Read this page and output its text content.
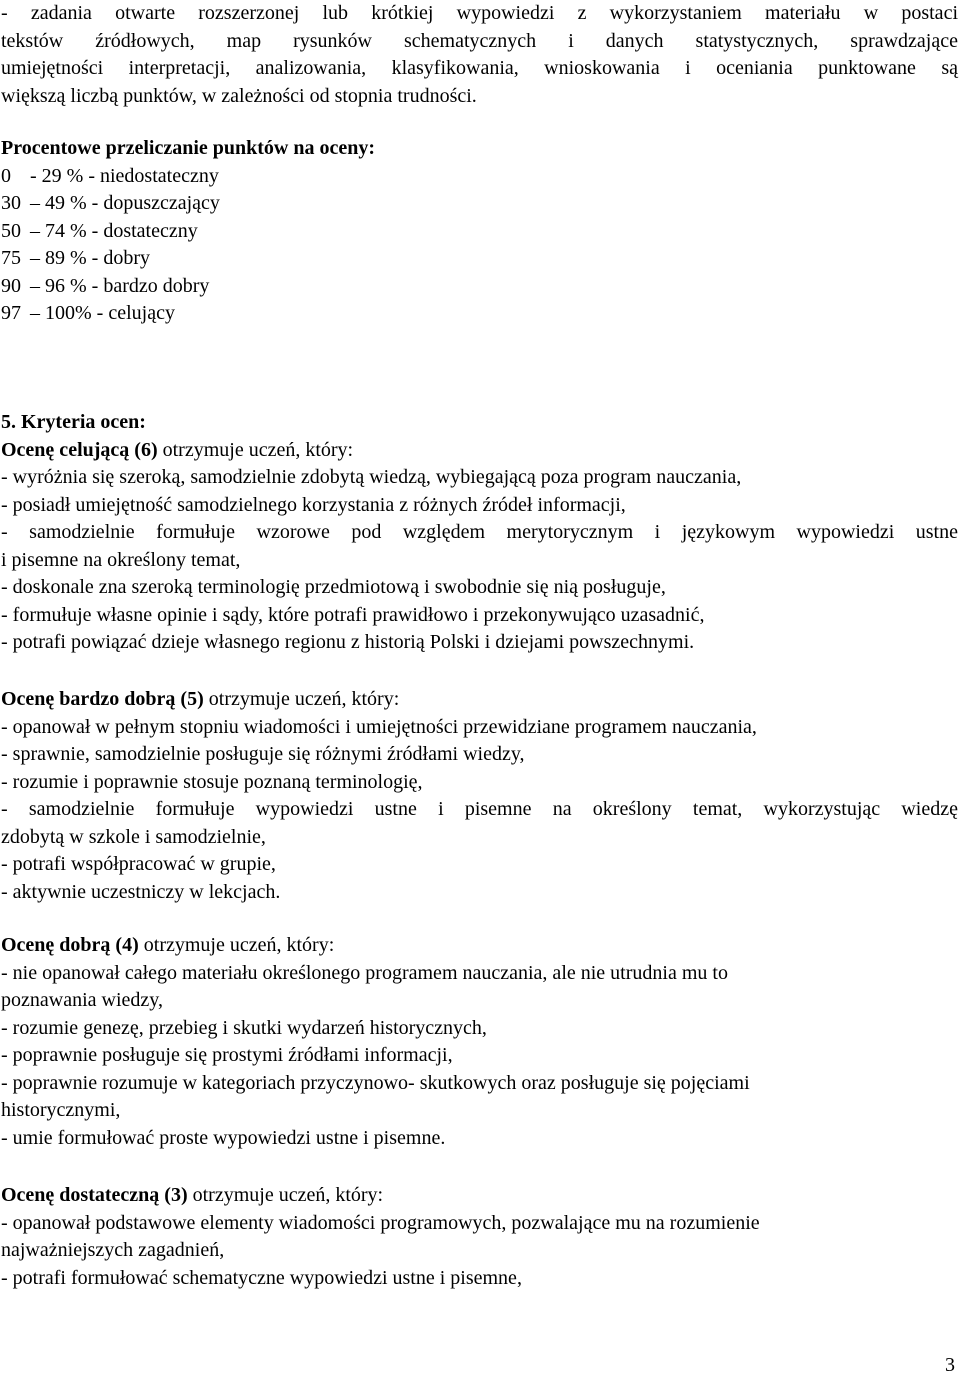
- zadania otwarte rozszerzonej lub krótkiej wypowiedzi z wykorzystaniem materiału w postaci
tekstów źródłowych, map rysunków schematycznych i danych statystycznych, sprawdzające
umiejętności interpretacji, analizowania, klasyfikowania, wnioskowania i oceniania punktowane są
większą liczbą punktów, w zależności od stopnia trudności.
Procentowe przeliczanie punktów na oceny:
0 - 29 % - niedostateczny
30 – 49 % - dopuszczający
50 – 74 % - dostateczny
75 – 89 % - dobry
90 – 96 % - bardzo dobry
97 – 100% - celujący
5. Kryteria ocen:
Ocenę celującą (6) otrzymuje uczeń, który:
- wyróżnia się szeroką, samodzielnie zdobytą wiedzą, wybiegającą poza program nauczania,
- posiadł umiejętność samodzielnego korzystania z różnych źródeł informacji,
- samodzielnie formułuje wzorowe pod względem merytorycznym i językowym wypowiedzi ustne
i pisemne na określony temat,
- doskonale zna szeroką terminologię przedmiotową i swobodnie się nią posługuje,
- formułuje własne opinie i sądy, które potrafi prawidłowo i przekonywująco uzasadnić,
- potrafi powiązać dzieje własnego regionu z historią Polski i dziejami powszechnymi.
Ocenę bardzo dobrą (5) otrzymuje uczeń, który:
- opanował w pełnym stopniu wiadomości i umiejętności przewidziane programem nauczania,
- sprawnie, samodzielnie posługuje się różnymi źródłami wiedzy,
- rozumie i poprawnie stosuje poznaną terminologię,
- samodzielnie formułuje wypowiedzi ustne i pisemne na określony temat, wykorzystując wiedzę
zdobytą w szkole i samodzielnie,
- potrafi współpracować w grupie,
- aktywnie uczestniczy w lekcjach.
Ocenę dobrą (4) otrzymuje uczeń, który:
- nie opanował całego materiału określonego programem nauczania, ale nie utrudnia mu to
poznawania wiedzy,
- rozumie genezę, przebieg i skutki wydarzeń historycznych,
- poprawnie posługuje się prostymi źródłami informacji,
- poprawnie rozumuje w kategoriach przyczynowo- skutkowych oraz posługuje się pojęciami
historycznymi,
- umie formułować proste wypowiedzi ustne i pisemne.
Ocenę dostateczną (3) otrzymuje uczeń, który:
- opanował podstawowe elementy wiadomości programowych, pozwalające mu na rozumienie
najważniejszych zagadnień,
- potrafi formułować schematyczne wypowiedzi ustne i pisemne,
3
